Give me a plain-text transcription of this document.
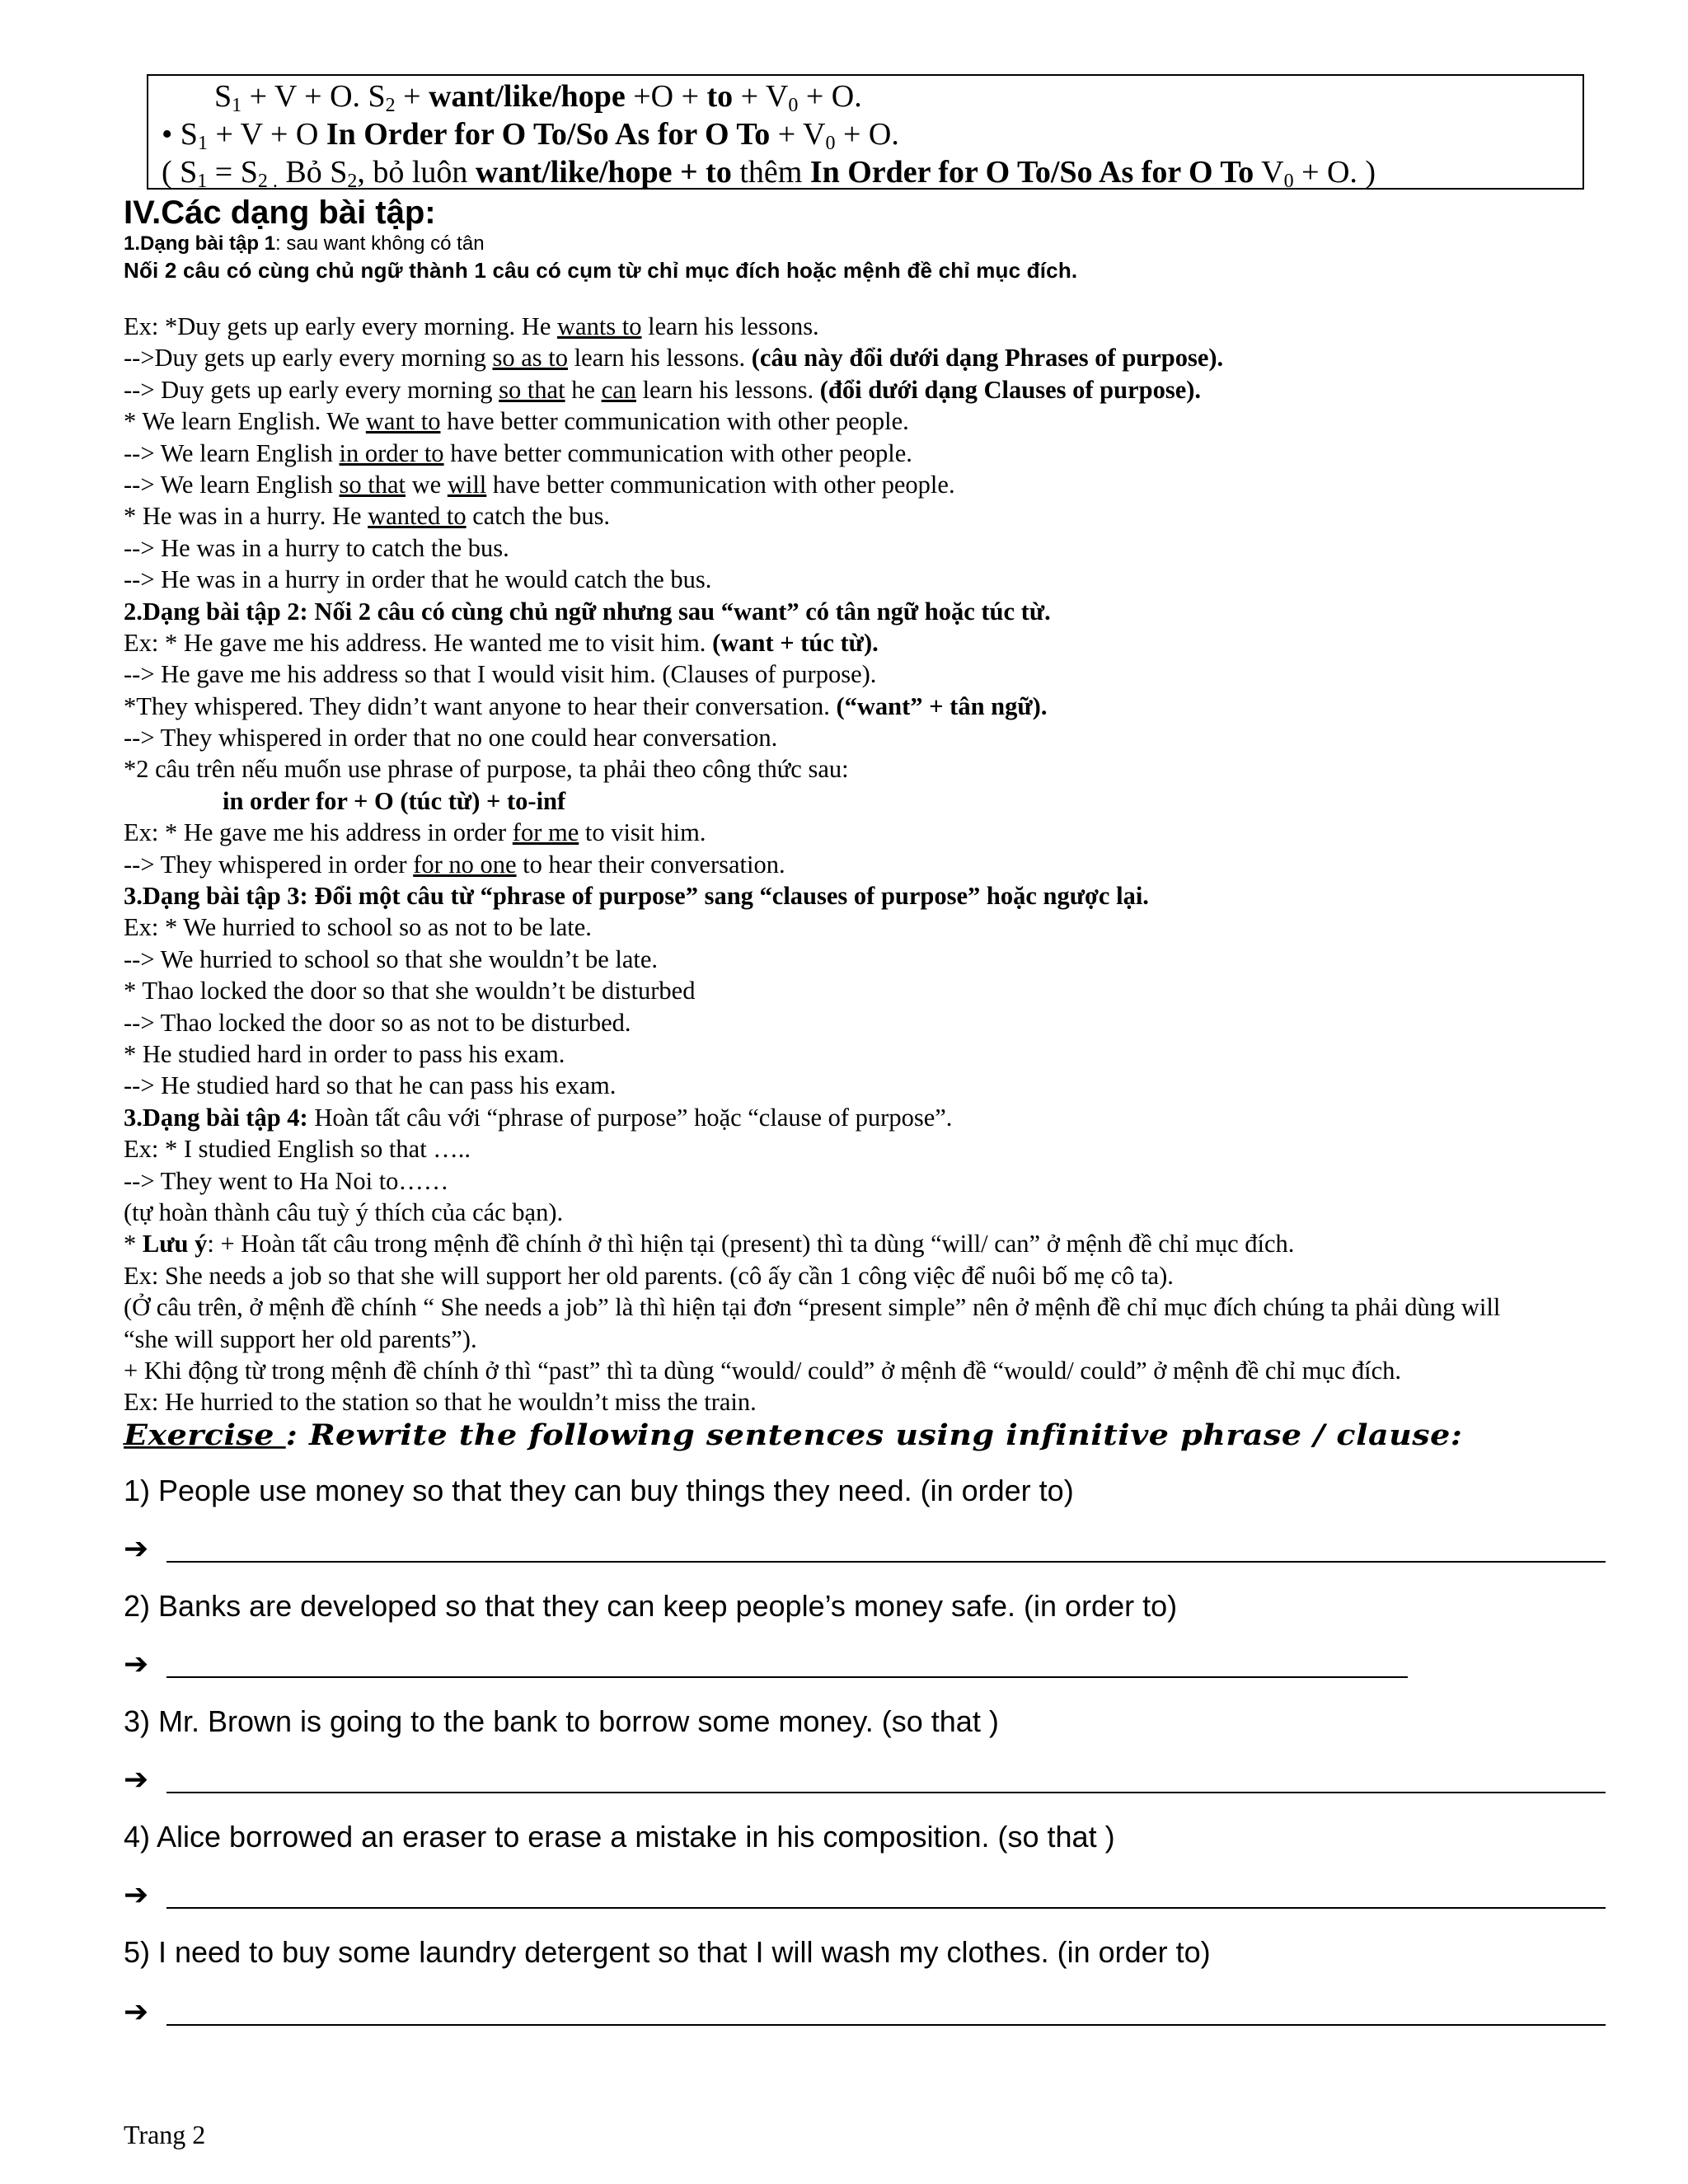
$S_1 + V + O$. $S_2$ + want/like/hope +O + to + $V_0 + O$.
• $S_1 + V + O$ In Order for O To/So As for O $To + V_0 + O$.
( $S_1 = S_{2 .}$ Bỏ $S_2$, bỏ luôn want/like/hope + to thêm In Order for O To/So As for O To $V_0 + O$. )
IV.Các dạng bài tập:
1.Dạng bài tập 1: sau want không có tân
Nối 2 câu có cùng chủ ngữ thành 1 câu có cụm từ chỉ mục đích hoặc mệnh đề chỉ mục đích.
Ex: *Duy gets up early every morning. He wants to learn his lessons.
-->Duy gets up early every morning so as to learn his lessons. (câu này đổi dưới dạng Phrases of purpose).
--> Duy gets up early every morning so that he can learn his lessons. (đổi dưới dạng Clauses of purpose).
* We learn English. We want to have better communication with other people.
--> We learn English in order to have better communication with other people.
--> We learn English so that we will have better communication with other people.
* He was in a hurry. He wanted to catch the bus.
--> He was in a hurry to catch the bus.
--> He was in a hurry in order that he would catch the bus.
2.Dạng bài tập 2: Nối 2 câu có cùng chủ ngữ nhưng sau “want” có tân ngữ hoặc túc từ.
Ex: * He gave me his address. He wanted me to visit him. (want + túc từ).
--> He gave me his address so that I would visit him. (Clauses of purpose).
*They whispered. They didn’t want anyone to hear their conversation. (“want” + tân ngữ).
--> They whispered in order that no one could hear conversation.
*2 câu trên nếu muốn use phrase of purpose, ta phải theo công thức sau:
in order for + O (túc từ) + to-inf
Ex: * He gave me his address in order for me to visit him.
--> They whispered in order for no one to hear their conversation.
3.Dạng bài tập 3: Đổi một câu từ “phrase of purpose” sang “clauses of purpose” hoặc ngược lại.
Ex: * We hurried to school so as not to be late.
--> We hurried to school so that she wouldn’t be late.
* Thao locked the door so that she wouldn’t be disturbed
--> Thao locked the door so as not to be disturbed.
* He studied hard in order to pass his exam.
--> He studied hard so that he can pass his exam.
3.Dạng bài tập 4: Hoàn tất câu với “phrase of purpose” hoặc “clause of purpose”.
Ex: * I studied English so that …..
--> They went to Ha Noi to……
(tự hoàn thành câu tuỳ ý thích của các bạn).
* Lưu ý: + Hoàn tất câu trong mệnh đề chính ở thì hiện tại (present) thì ta dùng “will/ can” ở mệnh đề chỉ mục đích.
Ex: She needs a job so that she will support her old parents. (cô ấy cần 1 công việc để nuôi bố mẹ cô ta).
(Ở câu trên, ở mệnh đề chính “ She needs a job” là thì hiện tại đơn “present simple” nên ở mệnh đề chỉ mục đích chúng ta phải dùng will “she will support her old parents”).
+ Khi động từ trong mệnh đề chính ở thì “past” thì ta dùng “would/ could” ở mệnh đề “would/ could” ở mệnh đề chỉ mục đích.
Ex: He hurried to the station so that he wouldn’t miss the train.
Exercise : Rewrite the following sentences using infinitive phrase / clause:
1) People use money so that they can buy things they need. (in order to)
➔
2) Banks are developed so that they can keep people’s money safe. (in order to)
➔
3) Mr. Brown is going to the bank to borrow some money. (so that )
➔
4) Alice borrowed an eraser to erase a mistake in his composition. (so that )
➔
5) I need to buy some laundry detergent so that I will wash my clothes. (in order to)
➔
Trang 2
